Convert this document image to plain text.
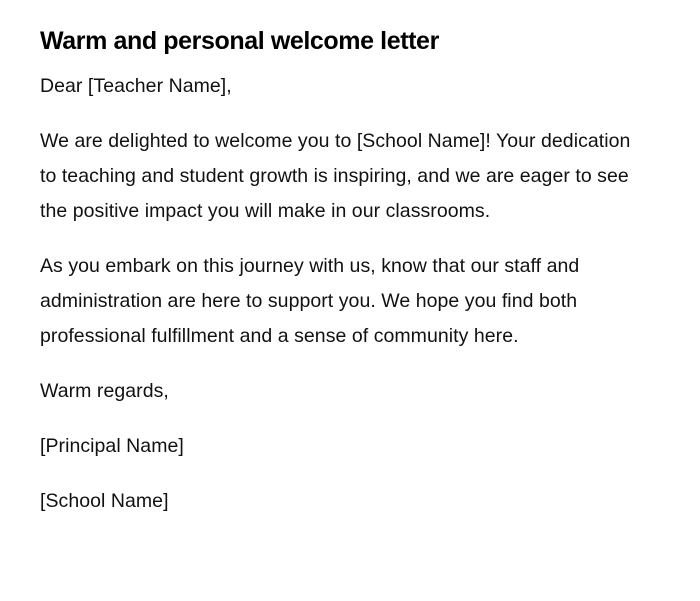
Warm and personal welcome letter

Dear [Teacher Name],

We are delighted to welcome you to [School Name]! Your dedication to teaching and student growth is inspiring, and we are eager to see the positive impact you will make in our classrooms.

As you embark on this journey with us, know that our staff and administration are here to support you. We hope you find both professional fulfillment and a sense of community here.

Warm regards,

[Principal Name]

[School Name]
